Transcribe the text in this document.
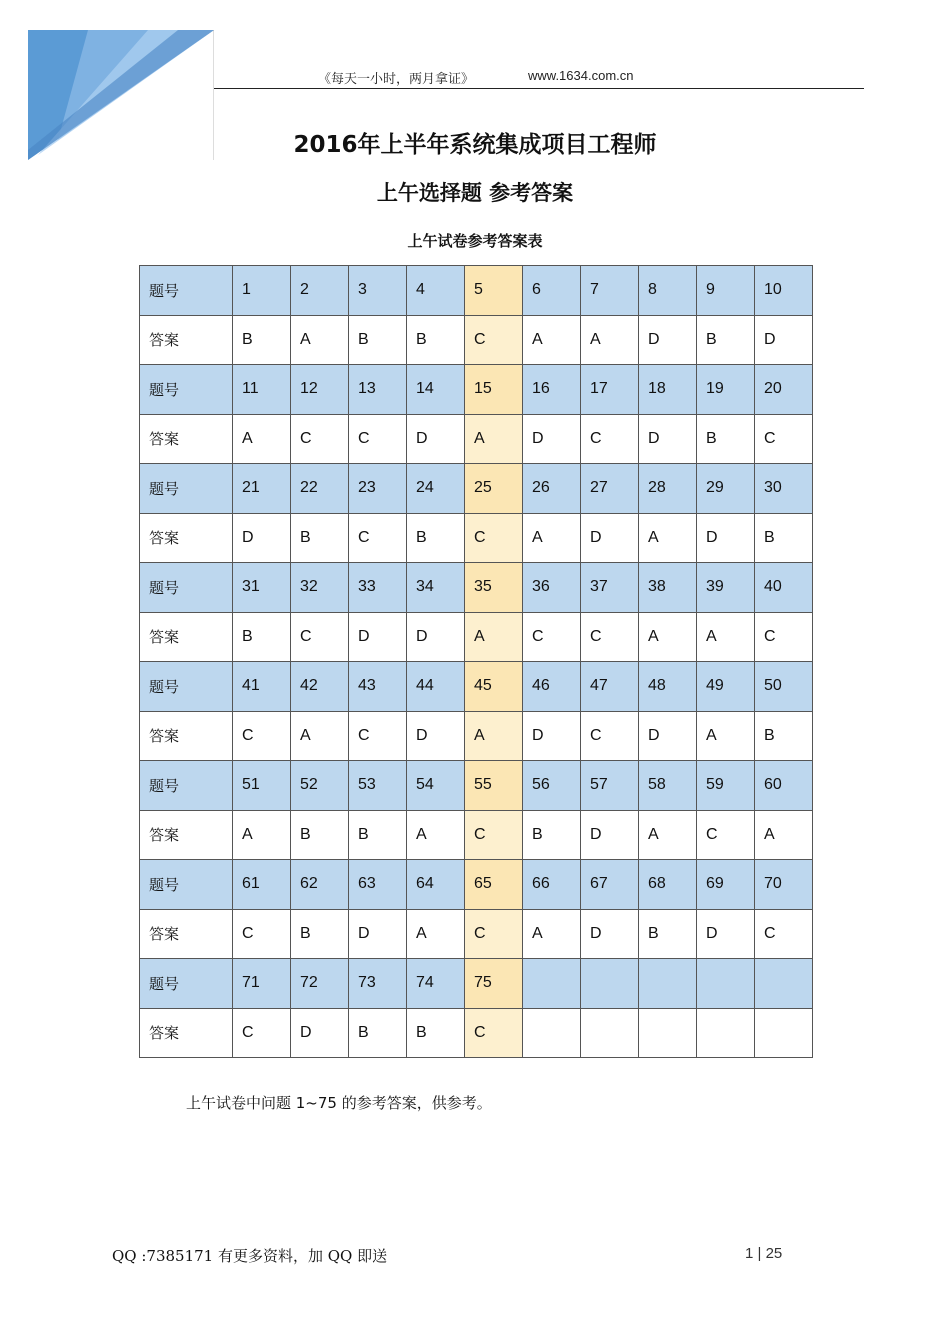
《每天一小时，两月拿证》	www.1634.com.cn
2016年上半年系统集成项目工程师
上午选择题 参考答案
上午试卷参考答案表
题号	1	2	3	4	5	6	7	8	9	10
答案	B	A	B	B	C	A	A	D	B	D
题号	11	12	13	14	15	16	17	18	19	20
答案	A	C	C	D	A	D	C	D	B	C
题号	21	22	23	24	25	26	27	28	29	30
答案	D	B	C	B	C	A	D	A	D	B
题号	31	32	33	34	35	36	37	38	39	40
答案	B	C	D	D	A	C	C	A	A	C
题号	41	42	43	44	45	46	47	48	49	50
答案	C	A	C	D	A	D	C	D	A	B
题号	51	52	53	54	55	56	57	58	59	60
答案	A	B	B	A	C	B	D	A	C	A
题号	61	62	63	64	65	66	67	68	69	70
答案	C	B	D	A	C	A	D	B	D	C
题号	71	72	73	74	75					
答案	C	D	B	B	C					
上午试卷中问题 1~75 的参考答案，供参考。
QQ :7385171 有更多资料，加 QQ 即送	1 | 25
